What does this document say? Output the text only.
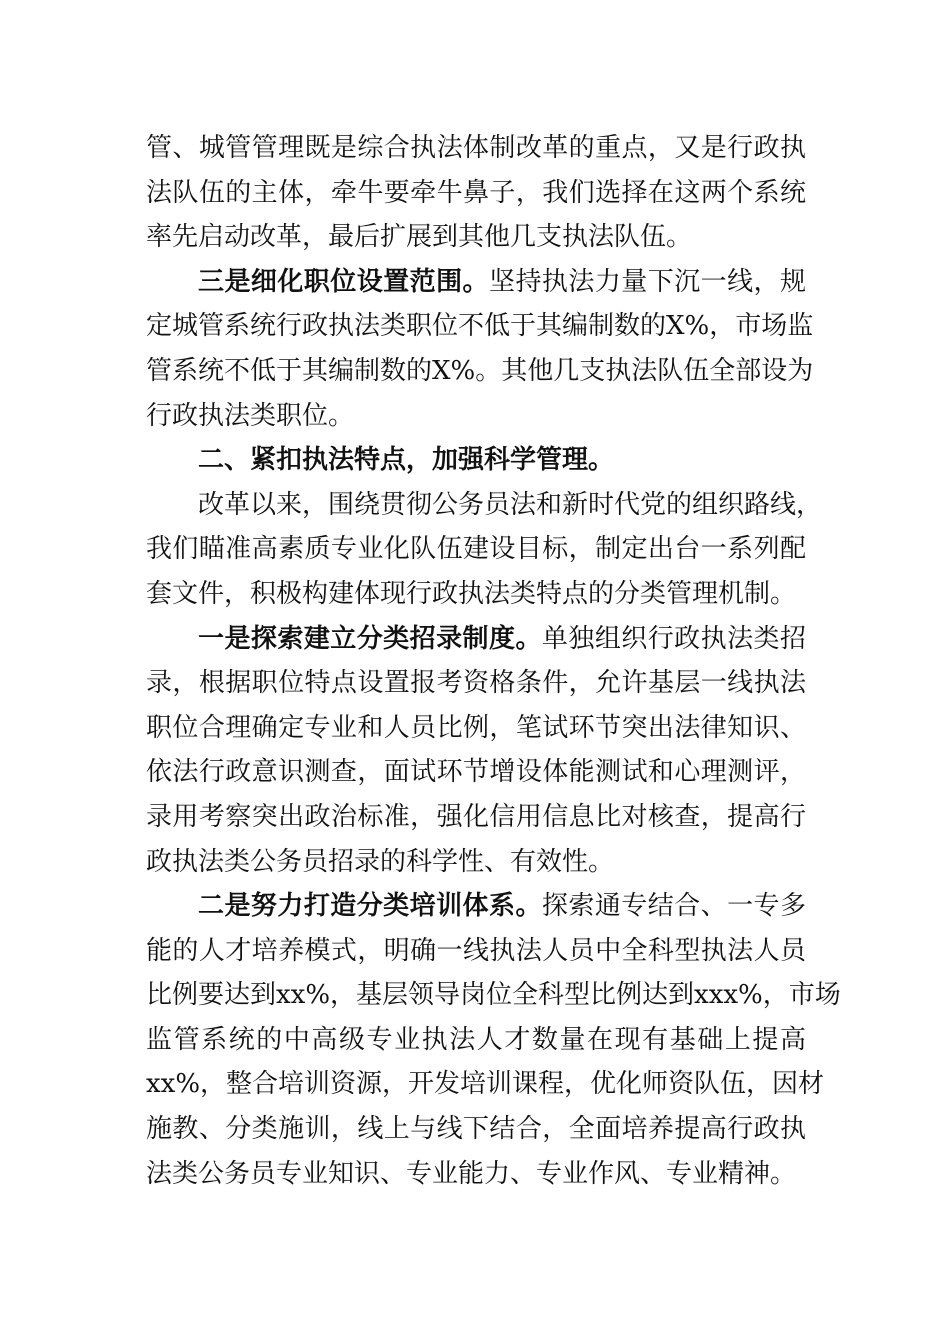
管、城管管理既是综合执法体制改革的重点，又是行政执
法队伍的主体，牵牛要牵牛鼻子，我们选择在这两个系统
率先启动改革，最后扩展到其他几支执法队伍。
三是细化职位设置范围。坚持执法力量下沉一线，规
定城管系统行政执法类职位不低于其编制数的X%，市场监
管系统不低于其编制数的X%。其他几支执法队伍全部设为
行政执法类职位。
二、紧扣执法特点，加强科学管理。
改革以来，围绕贯彻公务员法和新时代党的组织路线，
我们瞄准高素质专业化队伍建设目标，制定出台一系列配
套文件，积极构建体现行政执法类特点的分类管理机制。
一是探索建立分类招录制度。单独组织行政执法类招
录，根据职位特点设置报考资格条件，允许基层一线执法
职位合理确定专业和人员比例，笔试环节突出法律知识、
依法行政意识测查，面试环节增设体能测试和心理测评，
录用考察突出政治标准，强化信用信息比对核查，提高行
政执法类公务员招录的科学性、有效性。
二是努力打造分类培训体系。探索通专结合、一专多
能的人才培养模式，明确一线执法人员中全科型执法人员
比例要达到xx%，基层领导岗位全科型比例达到xxx%，市场
监管系统的中高级专业执法人才数量在现有基础上提高
xx%，整合培训资源，开发培训课程，优化师资队伍，因材
施教、分类施训，线上与线下结合，全面培养提高行政执
法类公务员专业知识、专业能力、专业作风、专业精神。
